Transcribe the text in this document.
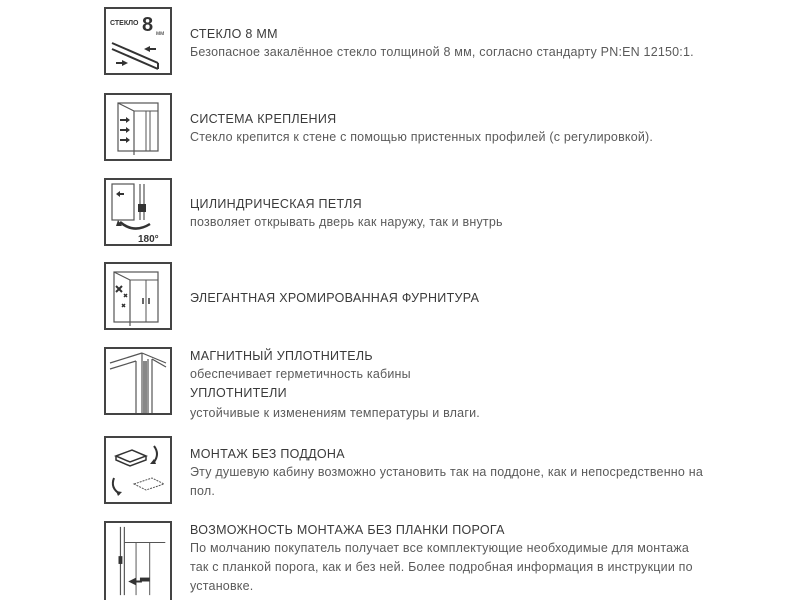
СТЕКЛО 8 мм СТЕКЛО 8 ММ
Безопасное закалённое стекло толщиной 8 мм, согласно стандарту PN:EN 12150:1.
СИСТЕМА КРЕПЛЕНИЯ
Стекло крепится к стене с помощью пристенных профилей (с регулировкой).
180°
ЦИЛИНДРИЧЕСКАЯ ПЕТЛЯ
позволяет открывать дверь как наружу, так и внутрь
ЭЛЕГАНТНАЯ ХРОМИРОВАННАЯ ФУРНИТУРА
МАГНИТНЫЙ УПЛОТНИТЕЛЬ
обеспечивает герметичность кабины
УПЛОТНИТЕЛИ
устойчивые к изменениям температуры и влаги.
МОНТАЖ БЕЗ ПОДДОНА
Эту душевую кабину возможно установить так на поддоне, как и непосредственно на пол.
ВОЗМОЖНОСТЬ МОНТАЖА БЕЗ ПЛАНКИ ПОРОГА
По молчанию покупатель получает все комплектующие необходимые для монтажа так с планкой порога, как и без ней. Более подробная информация в инструкции по установке.
